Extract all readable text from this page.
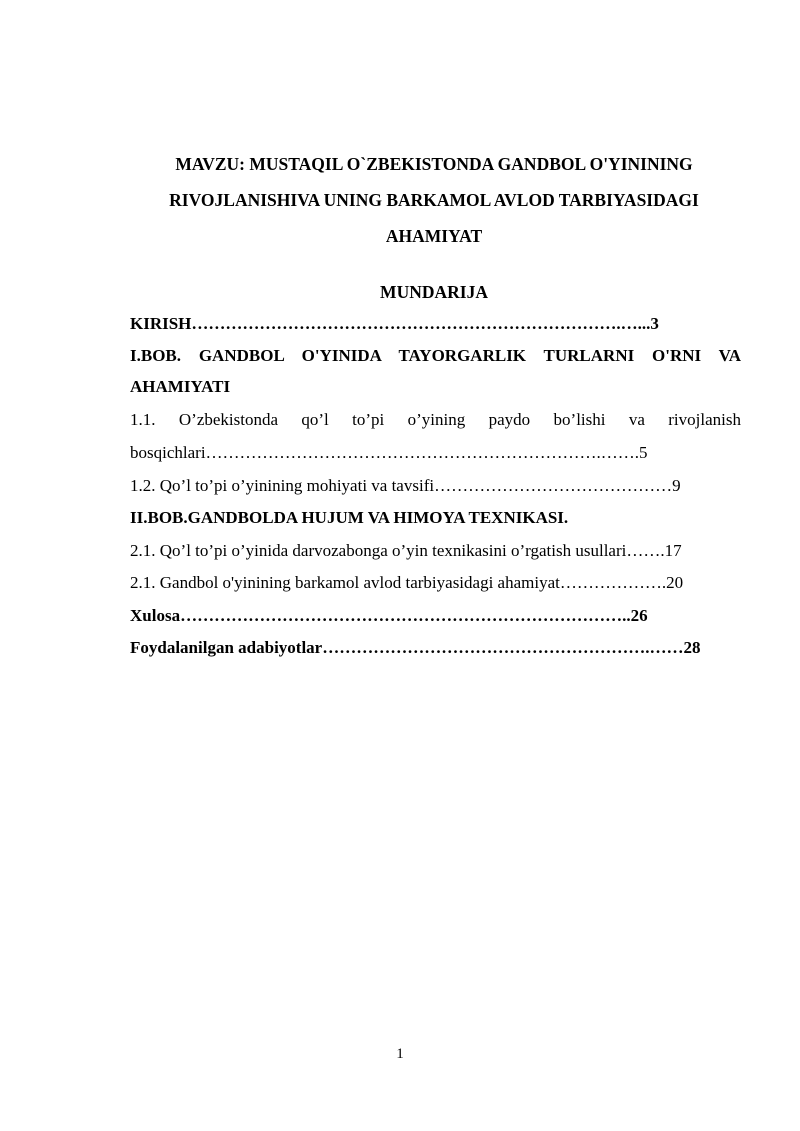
MAVZU: MUSTAQIL O`ZBEKISTONDA GANDBOL O'YININING
RIVOJLANISHIVA UNING BARKAMOL AVLOD TARBIYASIDAGI
AHAMIYAT
MUNDARIJA
KIRISH………………………………………………………………….…...3
I.BOB. GANDBOL O'YINIDA TAYORGARLIK TURLARNI O'RNI VA
AHAMIYATI
1.1. O’zbekistonda qo’l to’pi o’yining paydo bo’lishi va rivojlanish
bosqichlari…………………………………………………………….…….5
1.2. Qo’l to’pi o’yinining mohiyati va tavsifi……………………………………9
II.BOB.GANDBOLDA HUJUM VA HIMOYA TEXNIKASI.
2.1. Qo’l to’pi o’yinida darvozabonga o’yin texnikasini o’rgatish usullari…….17
2.1. Gandbol o'yinining barkamol avlod tarbiyasidagi ahamiyat……………….20
Xulosa……………………………………………………………………..26
Foydalanilgan adabiyotlar………………………………………………….……28
1
